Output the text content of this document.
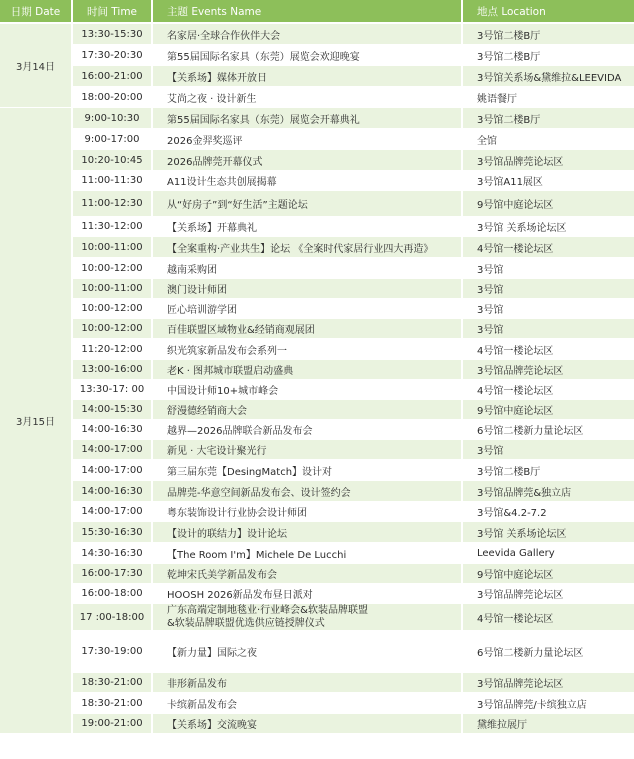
日期 Date	时间 Time	主题 Events Name	地点 Location
3月14日	13:30-15:30	名家居·全球合作伙伴大会	3号馆二楼B厅
	17:30-20:30	第55届国际名家具（东莞）展览会欢迎晚宴	3号馆二楼B厅
	16:00-21:00	【关系场】媒体开放日	3号馆关系场&黛维拉&LEEVIDA
	18:00-20:00	艾尚之夜 · 设计新生	姚语餐厅
3月15日	9:00-10:30	第55届国际名家具（东莞）展览会开幕典礼	3号馆二楼B厅
	9:00-17:00	2026金羿奖巡评	全馆
	10:20-10:45	2026品牌莞开幕仪式	3号馆品牌莞论坛区
	11:00-11:30	A11设计生态共创展揭幕	3号馆A11展区
	11:00-12:30	从“好房子”到“好生活”主题论坛	9号馆中庭论坛区
	11:30-12:00	【关系场】开幕典礼	3号馆 关系场论坛区
	10:00-11:00	【全案重构·产业共生】论坛 《全案时代家居行业四大再造》	4号馆一楼论坛区
	10:00-12:00	越南采购团	3号馆
	10:00-11:00	澳门设计师团	3号馆
	10:00-12:00	匠心培训游学团	3号馆
	10:00-12:00	百佳联盟区域物业&经销商观展团	3号馆
	11:20-12:00	织光筑家新品发布会系列一	4号馆一楼论坛区
	13:00-16:00	老K · 图邦城市联盟启动盛典	3号馆品牌莞论坛区
	13:30-17: 00	中国设计师10+城市峰会	4号馆一楼论坛区
	14:00-15:30	舒漫德经销商大会	9号馆中庭论坛区
	14:00-16:30	越界—2026品牌联合新品发布会	6号馆二楼新力量论坛区
	14:00-17:00	新见 · 大宅设计聚光行	3号馆
	14:00-17:00	第三届东莞【DesingMatch】设计对	3号馆二楼B厅
	14:00-16:30	品牌莞-华意空间新品发布会、设计签约会	3号馆品牌莞&独立店
	14:00-17:00	粤东装饰设计行业协会设计师团	3号馆&4.2-7.2
	15:30-16:30	【设计的联结力】设计论坛	3号馆 关系场论坛区
	14:30-16:30	【The Room I'm】Michele De Lucchi	Leevida Gallery
	16:00-17:30	乾坤宋氏美学新品发布会	9号馆中庭论坛区
	16:00-18:00	HOOSH 2026新品发布昼日派对	3号馆品牌莞论坛区
	17 :00-18:00	广东高端定制地毯业·行业峰会&软装品牌联盟
&软装品牌联盟优选供应链授牌仪式	4号馆一楼论坛区
	17:30-19:00	【新力量】国际之夜	6号馆二楼新力量论坛区
	18:30-21:00	非形新品发布	3号馆品牌莞论坛区
	18:30-21:00	卡缤新品发布会	3号馆品牌莞/卡缤独立店
	19:00-21:00	【关系场】交流晚宴	黛维拉展厅
